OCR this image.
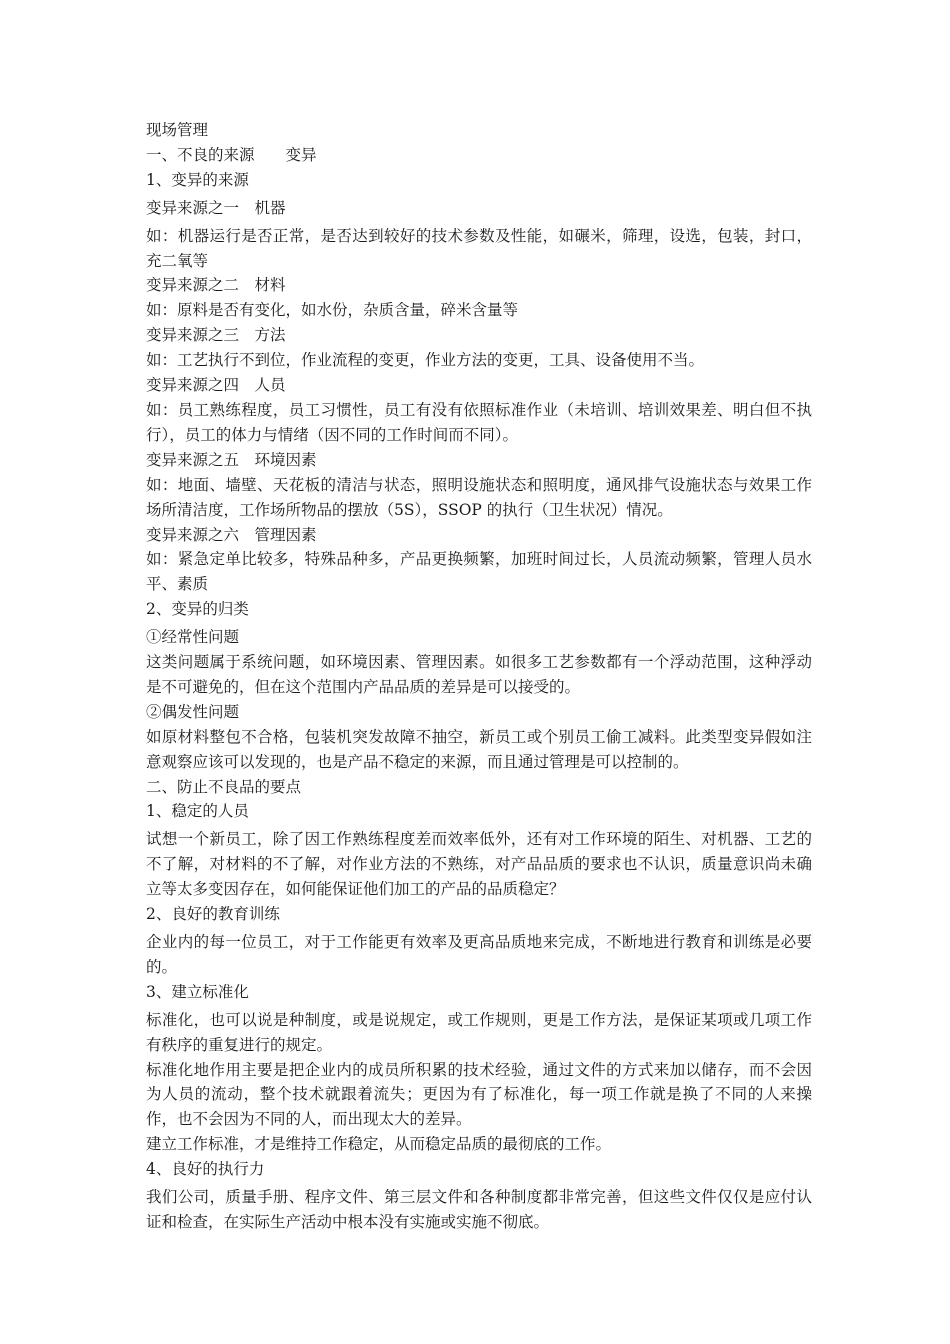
现场管理

一、不良的来源　　变异

1、变异的来源

变异来源之一　机器

如：机器运行是否正常，是否达到较好的技术参数及性能，如碾米，筛理，设选，包装，封口，充二氧等

变异来源之二　材料

如：原料是否有变化，如水份，杂质含量，碎米含量等

变异来源之三　方法

如：工艺执行不到位，作业流程的变更，作业方法的变更，工具、设备使用不当。

变异来源之四　人员

如：员工熟练程度，员工习惯性，员工有没有依照标准作业（未培训、培训效果差、明白但不执行），员工的体力与情绪（因不同的工作时间而不同）。

变异来源之五　环境因素

如：地面、墙壁、天花板的清洁与状态，照明设施状态和照明度，通风排气设施状态与效果工作场所清洁度，工作场所物品的摆放（5S），SSOP 的执行（卫生状况）情况。

变异来源之六　管理因素

如：紧急定单比较多，特殊品种多，产品更换频繁，加班时间过长，人员流动频繁，管理人员水平、素质

2、变异的归类

①经常性问题

这类问题属于系统问题，如环境因素、管理因素。如很多工艺参数都有一个浮动范围，这种浮动是不可避免的，但在这个范围内产品品质的差异是可以接受的。

②偶发性问题

如原材料整包不合格，包装机突发故障不抽空，新员工或个别员工偷工减料。此类型变异假如注意观察应该可以发现的，也是产品不稳定的来源，而且通过管理是可以控制的。

二、防止不良品的要点

1、稳定的人员

试想一个新员工，除了因工作熟练程度差而效率低外，还有对工作环境的陌生、对机器、工艺的不了解，对材料的不了解，对作业方法的不熟练，对产品品质的要求也不认识，质量意识尚未确立等太多变因存在，如何能保证他们加工的产品的品质稳定？

2、良好的教育训练

企业内的每一位员工，对于工作能更有效率及更高品质地来完成，不断地进行教育和训练是必要的。

3、建立标准化

标准化，也可以说是种制度，或是说规定，或工作规则，更是工作方法，是保证某项或几项工作有秩序的重复进行的规定。

标准化地作用主要是把企业内的成员所积累的技术经验，通过文件的方式来加以储存，而不会因为人员的流动，整个技术就跟着流失；更因为有了标准化，每一项工作就是换了不同的人来操作，也不会因为不同的人，而出现太大的差异。

建立工作标准，才是维持工作稳定，从而稳定品质的最彻底的工作。

4、良好的执行力

我们公司，质量手册、程序文件、第三层文件和各种制度都非常完善，但这些文件仅仅是应付认证和检查，在实际生产活动中根本没有实施或实施不彻底。
